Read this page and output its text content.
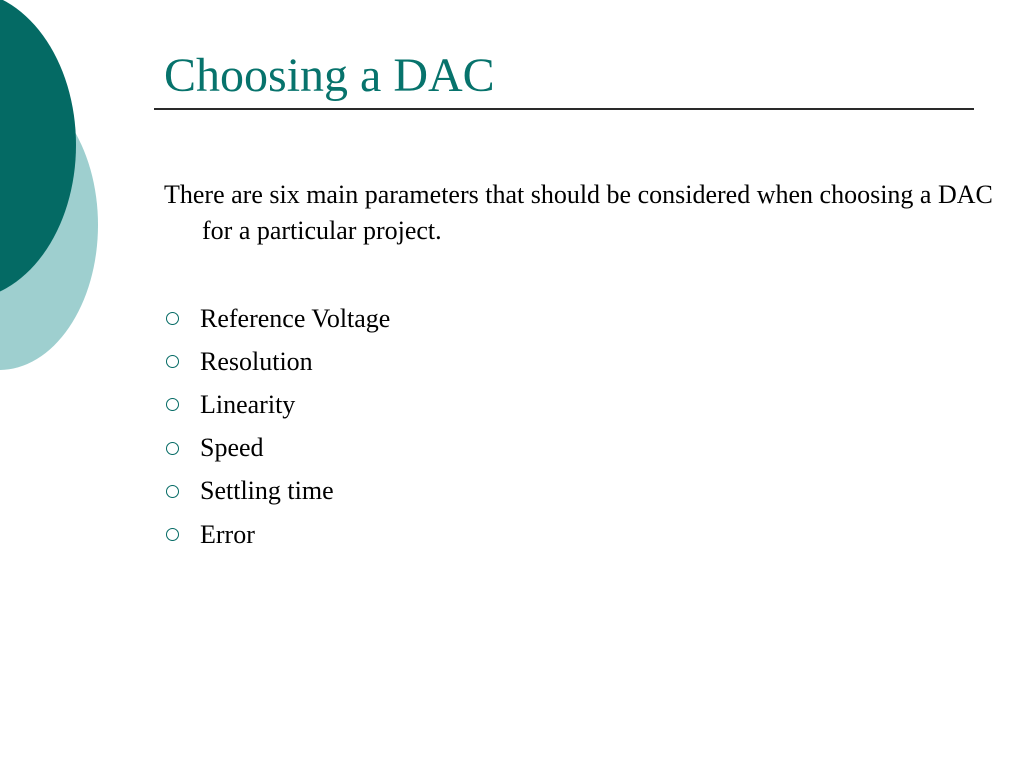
Choosing a DAC

There are six main parameters that should be considered when choosing a DAC for a particular project.

Reference Voltage
Resolution
Linearity
Speed
Settling time
Error
